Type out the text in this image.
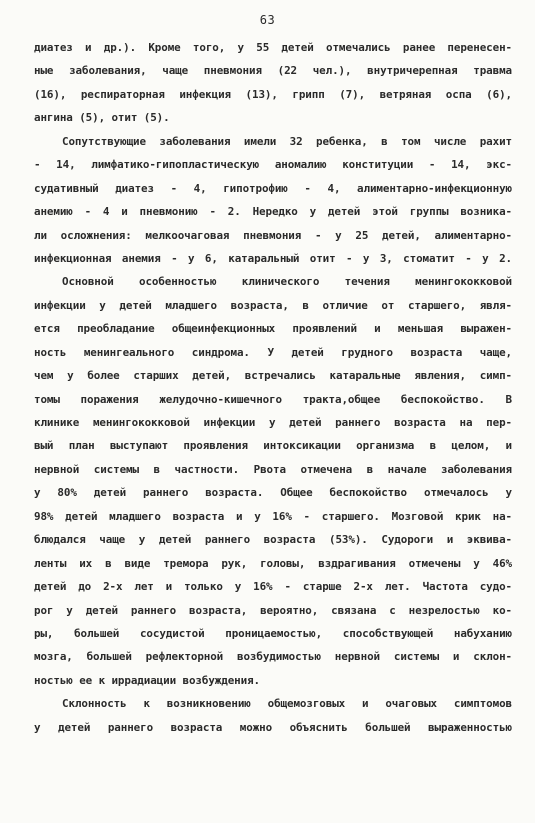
63
диатез и др.). Кроме того, у 55 детей отмечались ранее перенесен-
ные заболевания, чаще пневмония (22 чел.), внутричерепная травма
(16), респираторная инфекция (13), грипп (7), ветряная оспа (6),
ангина (5), отит (5).
Сопутствующие заболевания имели 32 ребенка, в том числе рахит
- 14, лимфатико-гипопластическую аномалию конституции - 14, экс-
судативный диатез - 4, гипотрофию - 4, алиментарно-инфекционную
анемию - 4 и пневмонию - 2. Нередко у детей этой группы возника-
ли осложнения: мелкоочаговая пневмония - у 25 детей, алиментарно-
инфекционная анемия - у 6, катаральный отит - у 3, стоматит - у 2.
Основной особенностью клинического течения менингококковой
инфекции у детей младшего возраста, в отличие от старшего, явля-
ется преобладание общеинфекционных проявлений и меньшая выражен-
ность менингеального синдрома. У детей грудного возраста чаще,
чем у более старших детей, встречались катаральные явления, симп-
томы поражения желудочно-кишечного тракта,общее беспокойство. В
клинике менингококковой инфекции у детей раннего возраста на пер-
вый план выступают проявления интоксикации организма в целом, и
нервной системы в частности. Рвота отмечена в начале заболевания
у 80% детей раннего возраста. Общее беспокойство отмечалось у
98% детей младшего возраста и у 16% - старшего. Мозговой крик на-
блюдался чаще у детей раннего возраста (53%). Судороги и эквива-
ленты их в виде тремора рук, головы, вздрагивания отмечены у 46%
детей до 2-х лет и только у 16% - старше 2-х лет. Частота судо-
рог у детей раннего возраста, вероятно, связана с незрелостью ко-
ры, большей сосудистой проницаемостью, способствующей набуханию
мозга, большей рефлекторной возбудимостью нервной системы и склон-
ностью ее к иррадиации возбуждения.
Склонность к возникновению общемозговых и очаговых симптомов
у детей раннего возраста можно объяснить большей выраженностью
